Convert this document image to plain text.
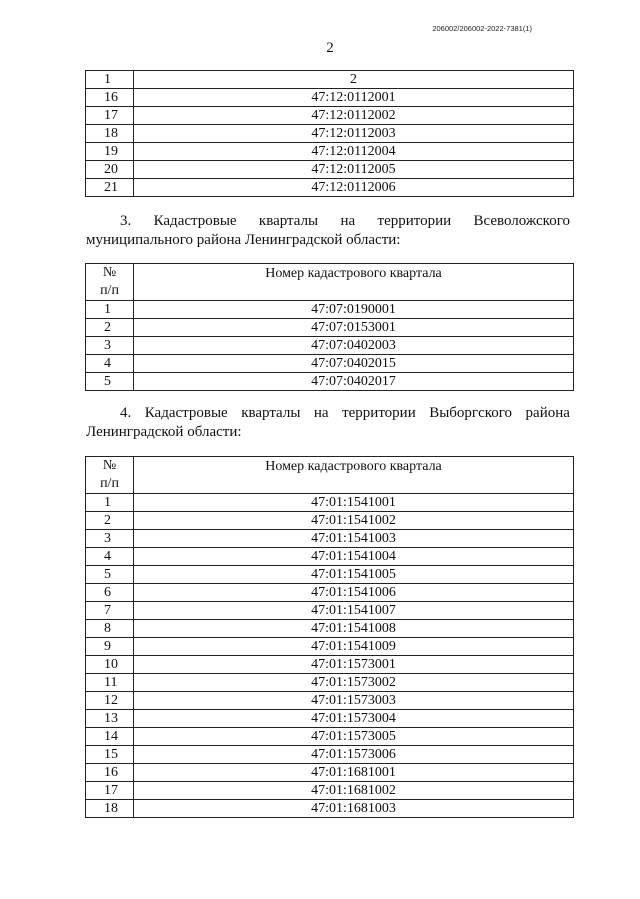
206002/206002-2022-7381(1)
2
1	2
16	47:12:0112001
17	47:12:0112002
18	47:12:0112003
19	47:12:0112004
20	47:12:0112005
21	47:12:0112006
3. Кадастровые кварталы на территории Всеволожского
муниципального района Ленинградской области:
№
п/п	Номер кадастрового квартала
1	47:07:0190001
2	47:07:0153001
3	47:07:0402003
4	47:07:0402015
5	47:07:0402017
4. Кадастровые кварталы на территории Выборгского района
Ленинградской области:
№
п/п	Номер кадастрового квартала
1	47:01:1541001
2	47:01:1541002
3	47:01:1541003
4	47:01:1541004
5	47:01:1541005
6	47:01:1541006
7	47:01:1541007
8	47:01:1541008
9	47:01:1541009
10	47:01:1573001
11	47:01:1573002
12	47:01:1573003
13	47:01:1573004
14	47:01:1573005
15	47:01:1573006
16	47:01:1681001
17	47:01:1681002
18	47:01:1681003
